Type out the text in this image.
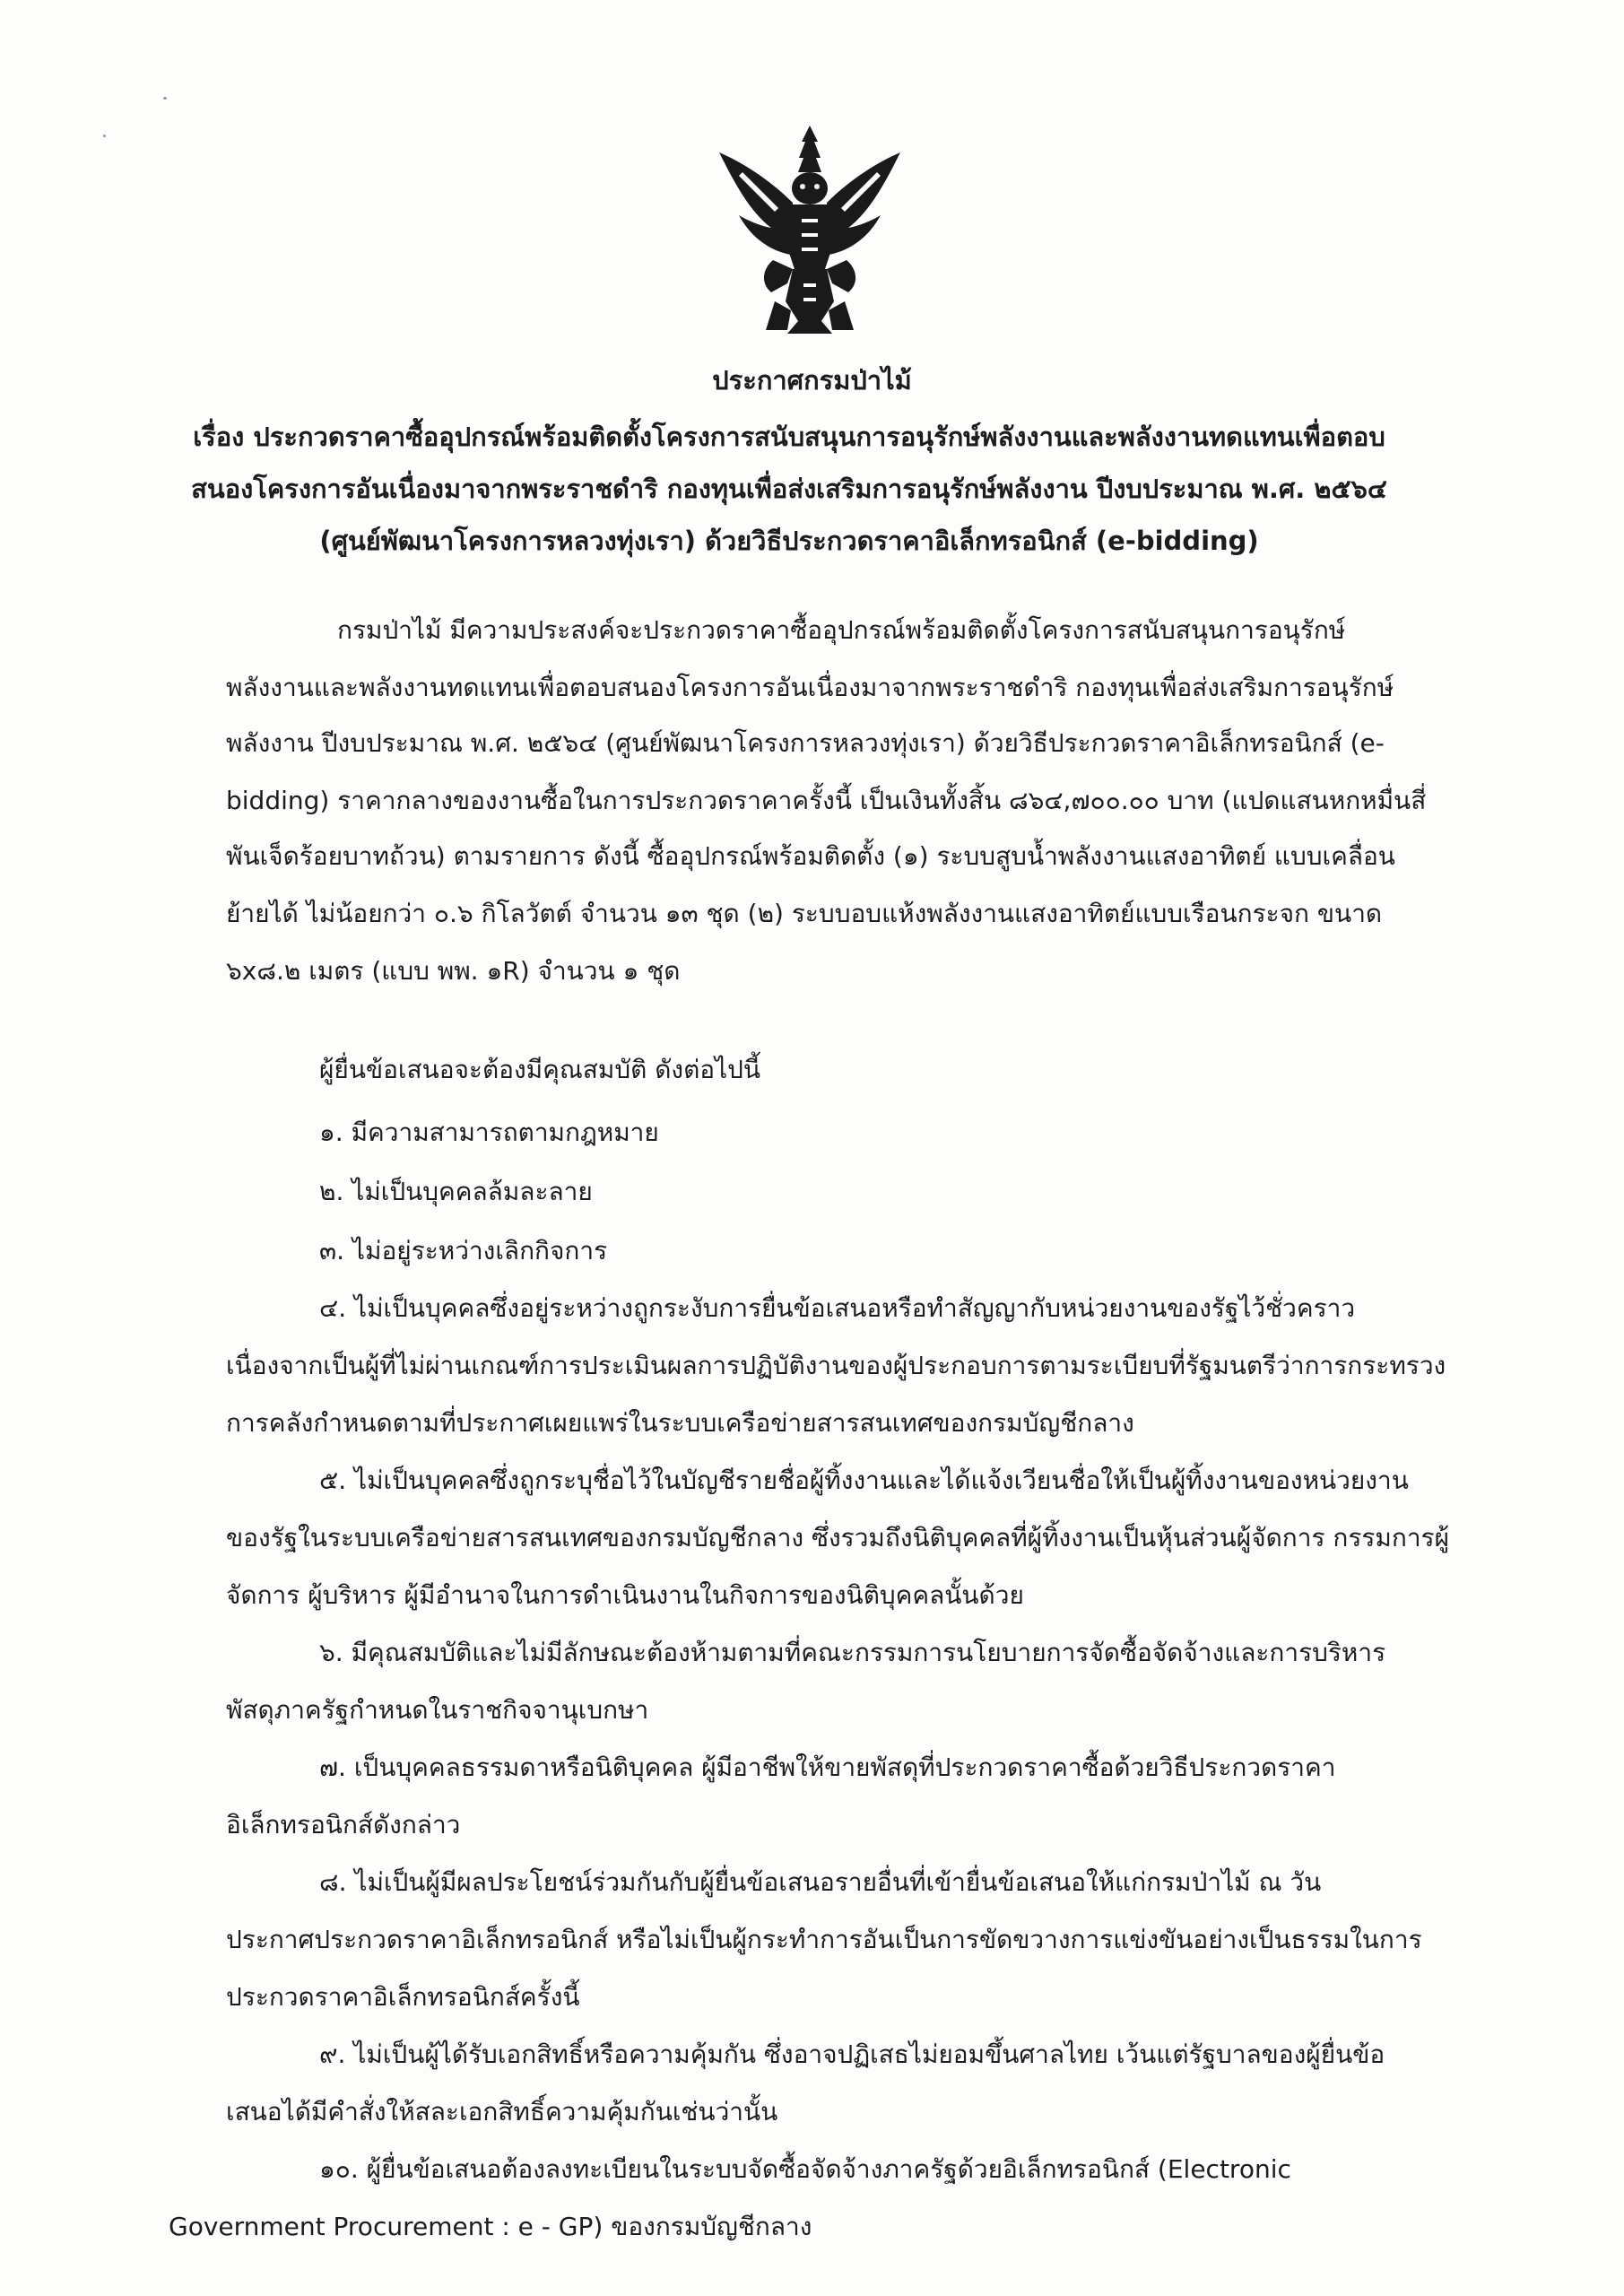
ประกาศกรมป่าไม้
เรื่อง ประกวดราคาซื้ออุปกรณ์พร้อมติดตั้งโครงการสนับสนุนการอนุรักษ์พลังงานและพลังงานทดแทนเพื่อตอบ
สนองโครงการอันเนื่องมาจากพระราชดำริ กองทุนเพื่อส่งเสริมการอนุรักษ์พลังงาน ปีงบประมาณ พ.ศ. ๒๕๖๔
(ศูนย์พัฒนาโครงการหลวงทุ่งเรา) ด้วยวิธีประกวดราคาอิเล็กทรอนิกส์ (e-bidding)
กรมป่าไม้ มีความประสงค์จะประกวดราคาซื้ออุปกรณ์พร้อมติดตั้งโครงการสนับสนุนการอนุรักษ์
พลังงานและพลังงานทดแทนเพื่อตอบสนองโครงการอันเนื่องมาจากพระราชดำริ กองทุนเพื่อส่งเสริมการอนุรักษ์
พลังงาน ปีงบประมาณ พ.ศ. ๒๕๖๔ (ศูนย์พัฒนาโครงการหลวงทุ่งเรา) ด้วยวิธีประกวดราคาอิเล็กทรอนิกส์ (e-
bidding) ราคากลางของงานซื้อในการประกวดราคาครั้งนี้ เป็นเงินทั้งสิ้น ๘๖๔,๗๐๐.๐๐ บาท (แปดแสนหกหมื่นสี่
พันเจ็ดร้อยบาทถ้วน) ตามรายการ ดังนี้ ซื้ออุปกรณ์พร้อมติดตั้ง (๑) ระบบสูบน้ำพลังงานแสงอาทิตย์ แบบเคลื่อน
ย้ายได้ ไม่น้อยกว่า ๐.๖ กิโลวัตต์ จำนวน ๑๓ ชุด (๒) ระบบอบแห้งพลังงานแสงอาทิตย์แบบเรือนกระจก ขนาด
๖x๘.๒ เมตร (แบบ พพ. ๑R) จำนวน ๑ ชุด
ผู้ยื่นข้อเสนอจะต้องมีคุณสมบัติ ดังต่อไปนี้
๑. มีความสามารถตามกฎหมาย
๒. ไม่เป็นบุคคลล้มละลาย
๓. ไม่อยู่ระหว่างเลิกกิจการ
๔. ไม่เป็นบุคคลซึ่งอยู่ระหว่างถูกระงับการยื่นข้อเสนอหรือทำสัญญากับหน่วยงานของรัฐไว้ชั่วคราว
เนื่องจากเป็นผู้ที่ไม่ผ่านเกณฑ์การประเมินผลการปฏิบัติงานของผู้ประกอบการตามระเบียบที่รัฐมนตรีว่าการกระทรวง
การคลังกำหนดตามที่ประกาศเผยแพร่ในระบบเครือข่ายสารสนเทศของกรมบัญชีกลาง
๕. ไม่เป็นบุคคลซึ่งถูกระบุชื่อไว้ในบัญชีรายชื่อผู้ทิ้งงานและได้แจ้งเวียนชื่อให้เป็นผู้ทิ้งงานของหน่วยงาน
ของรัฐในระบบเครือข่ายสารสนเทศของกรมบัญชีกลาง ซึ่งรวมถึงนิติบุคคลที่ผู้ทิ้งงานเป็นหุ้นส่วนผู้จัดการ กรรมการผู้
จัดการ ผู้บริหาร ผู้มีอำนาจในการดำเนินงานในกิจการของนิติบุคคลนั้นด้วย
๖. มีคุณสมบัติและไม่มีลักษณะต้องห้ามตามที่คณะกรรมการนโยบายการจัดซื้อจัดจ้างและการบริหาร
พัสดุภาครัฐกำหนดในราชกิจจานุเบกษา
๗. เป็นบุคคลธรรมดาหรือนิติบุคคล ผู้มีอาชีพให้ขายพัสดุที่ประกวดราคาซื้อด้วยวิธีประกวดราคา
อิเล็กทรอนิกส์ดังกล่าว
๘. ไม่เป็นผู้มีผลประโยชน์ร่วมกันกับผู้ยื่นข้อเสนอรายอื่นที่เข้ายื่นข้อเสนอให้แก่กรมป่าไม้ ณ วัน
ประกาศประกวดราคาอิเล็กทรอนิกส์ หรือไม่เป็นผู้กระทำการอันเป็นการขัดขวางการแข่งขันอย่างเป็นธรรมในการ
ประกวดราคาอิเล็กทรอนิกส์ครั้งนี้
๙. ไม่เป็นผู้ได้รับเอกสิทธิ์หรือความคุ้มกัน ซึ่งอาจปฏิเสธไม่ยอมขึ้นศาลไทย เว้นแต่รัฐบาลของผู้ยื่นข้อ
เสนอได้มีคำสั่งให้สละเอกสิทธิ์ความคุ้มกันเช่นว่านั้น
๑๐. ผู้ยื่นข้อเสนอต้องลงทะเบียนในระบบจัดซื้อจัดจ้างภาครัฐด้วยอิเล็กทรอนิกส์ (Electronic
Government Procurement : e - GP) ของกรมบัญชีกลาง
